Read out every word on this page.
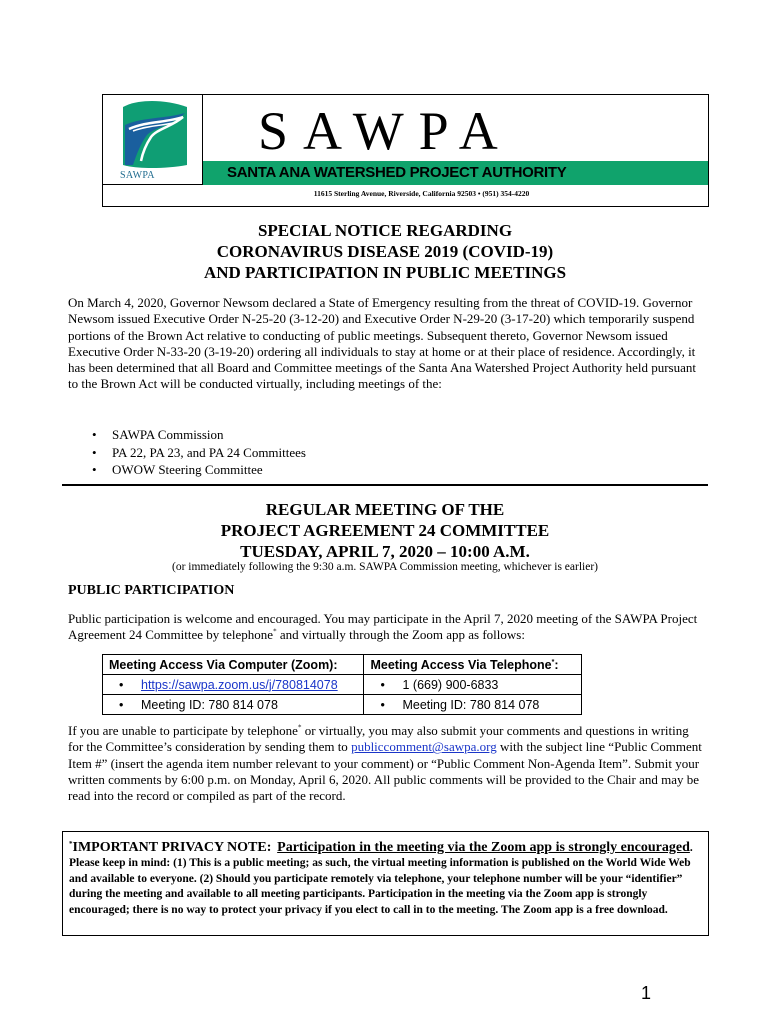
SAWPA
SAWPA
SANTA ANA WATERSHED PROJECT AUTHORITY
11615 Sterling Avenue, Riverside, California 92503 • (951) 354-4220
SPECIAL NOTICE REGARDING
CORONAVIRUS DISEASE 2019 (COVID-19)
AND PARTICIPATION IN PUBLIC MEETINGS
On March 4, 2020, Governor Newsom declared a State of Emergency resulting from the threat of COVID-19. Governor Newsom issued Executive Order N-25-20 (3-12-20) and Executive Order N-29-20 (3-17-20) which temporarily suspend portions of the Brown Act relative to conducting of public meetings. Subsequent thereto, Governor Newsom issued Executive Order N-33-20 (3-19-20) ordering all individuals to stay at home or at their place of residence. Accordingly, it has been determined that all Board and Committee meetings of the Santa Ana Watershed Project Authority held pursuant to the Brown Act will be conducted virtually, including meetings of the:
• SAWPA Commission
• PA 22, PA 23, and PA 24 Committees
• OWOW Steering Committee
REGULAR MEETING OF THE
PROJECT AGREEMENT 24 COMMITTEE
TUESDAY, APRIL 7, 2020 – 10:00 A.M.
(or immediately following the 9:30 a.m. SAWPA Commission meeting, whichever is earlier)
PUBLIC PARTICIPATION
Public participation is welcome and encouraged. You may participate in the April 7, 2020 meeting of the SAWPA Project Agreement 24 Committee by telephone* and virtually through the Zoom app as follows:
Meeting Access Via Computer (Zoom):	Meeting Access Via Telephone*:
• https://sawpa.zoom.us/j/780814078	• 1 (669) 900-6833
• Meeting ID: 780 814 078	• Meeting ID: 780 814 078
If you are unable to participate by telephone* or virtually, you may also submit your comments and questions in writing for the Committee’s consideration by sending them to publiccomment@sawpa.org with the subject line “Public Comment Item #” (insert the agenda item number relevant to your comment) or “Public Comment Non-Agenda Item”. Submit your written comments by 6:00 p.m. on Monday, April 6, 2020. All public comments will be provided to the Chair and may be read into the record or compiled as part of the record.
*IMPORTANT PRIVACY NOTE: Participation in the meeting via the Zoom app is strongly encouraged. Please keep in mind: (1) This is a public meeting; as such, the virtual meeting information is published on the World Wide Web and available to everyone. (2) Should you participate remotely via telephone, your telephone number will be your “identifier” during the meeting and available to all meeting participants. Participation in the meeting via the Zoom app is strongly encouraged; there is no way to protect your privacy if you elect to call in to the meeting. The Zoom app is a free download.
1
